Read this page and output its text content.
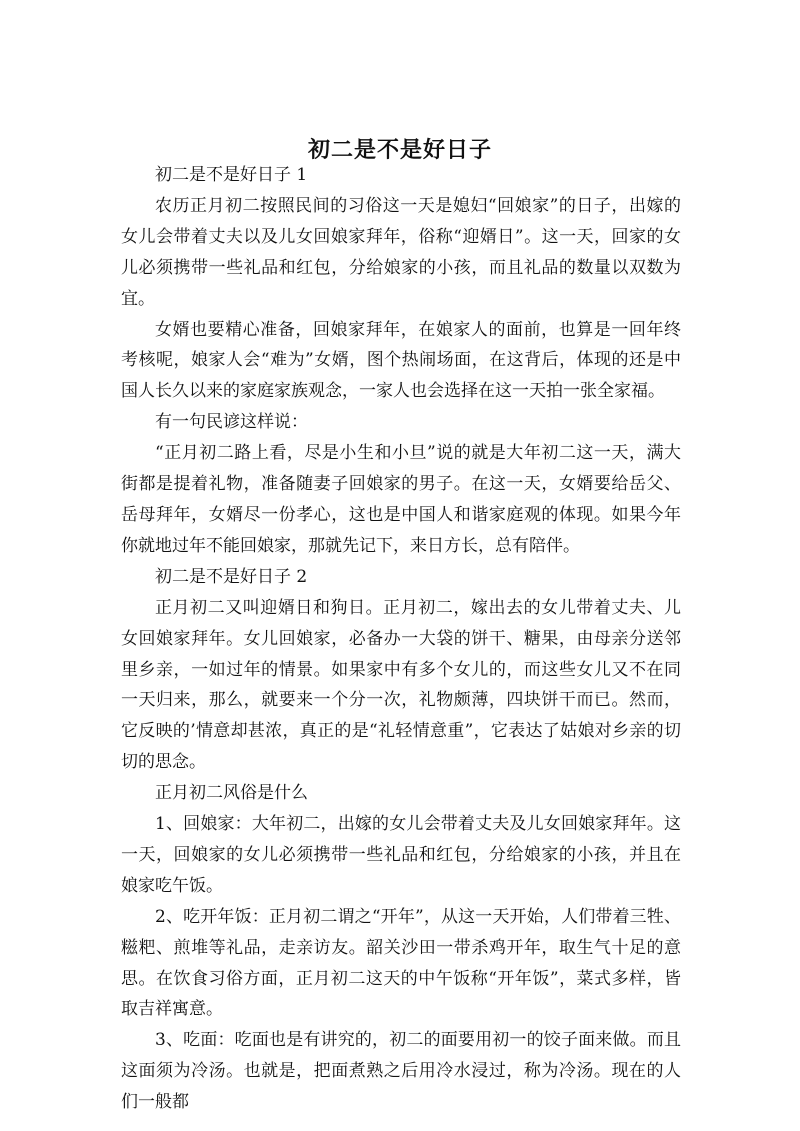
初二是不是好日子

初二是不是好日子 1

农历正月初二按照民间的习俗这一天是媳妇“回娘家”的日子，出嫁的女儿会带着丈夫以及儿女回娘家拜年，俗称“迎婿日”。这一天，回家的女儿必须携带一些礼品和红包，分给娘家的小孩，而且礼品的数量以双数为宜。

女婿也要精心准备，回娘家拜年，在娘家人的面前，也算是一回年终考核呢，娘家人会“难为”女婿，图个热闹场面，在这背后，体现的还是中国人长久以来的家庭家族观念，一家人也会选择在这一天拍一张全家福。

有一句民谚这样说：

“正月初二路上看，尽是小生和小旦”说的就是大年初二这一天，满大街都是提着礼物，准备随妻子回娘家的男子。在这一天，女婿要给岳父、岳母拜年，女婿尽一份孝心，这也是中国人和谐家庭观的体现。如果今年你就地过年不能回娘家，那就先记下，来日方长，总有陪伴。

初二是不是好日子 2

正月初二又叫迎婿日和狗日。正月初二，嫁出去的女儿带着丈夫、儿女回娘家拜年。女儿回娘家，必备办一大袋的饼干、糖果，由母亲分送邻里乡亲，一如过年的情景。如果家中有多个女儿的，而这些女儿又不在同一天归来，那么，就要来一个分一次，礼物颇薄，四块饼干而已。然而，它反映的’情意却甚浓，真正的是“礼轻情意重”，它表达了姑娘对乡亲的切切的思念。

正月初二风俗是什么

1、回娘家：大年初二，出嫁的女儿会带着丈夫及儿女回娘家拜年。这一天，回娘家的女儿必须携带一些礼品和红包，分给娘家的小孩，并且在娘家吃午饭。

2、吃开年饭：正月初二谓之“开年”，从这一天开始，人们带着三牲、糍粑、煎堆等礼品，走亲访友。韶关沙田一带杀鸡开年，取生气十足的意思。在饮食习俗方面，正月初二这天的中午饭称“开年饭”，菜式多样，皆取吉祥寓意。

3、吃面：吃面也是有讲究的，初二的面要用初一的饺子面来做。而且这面须为冷汤。也就是，把面煮熟之后用冷水浸过，称为冷汤。现在的人们一般都
